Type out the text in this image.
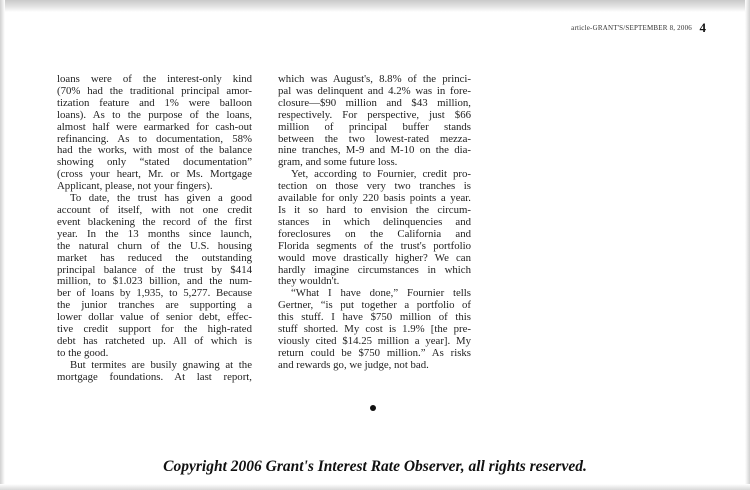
article-GRANT'S/SEPTEMBER 8, 2006 4

loans were of the interest-only kind
(70% had the traditional principal amor-
tization feature and 1% were balloon
loans). As to the purpose of the loans,
almost half were earmarked for cash-out
refinancing. As to documentation, 58%
had the works, with most of the balance
showing only “stated documentation”
(cross your heart, Mr. or Ms. Mortgage
Applicant, please, not your fingers).

To date, the trust has given a good
account of itself, with not one credit
event blackening the record of the first
year. In the 13 months since launch,
the natural churn of the U.S. housing
market has reduced the outstanding
principal balance of the trust by $414
million, to $1.023 billion, and the num-
ber of loans by 1,935, to 5,277. Because
the junior tranches are supporting a
lower dollar value of senior debt, effec-
tive credit support for the high-rated
debt has ratcheted up. All of which is
to the good.

But termites are busily gnawing at the
mortgage foundations. At last report,

which was August's, 8.8% of the princi-
pal was delinquent and 4.2% was in fore-
closure—$90 million and $43 million,
respectively. For perspective, just $66
million of principal buffer stands
between the two lowest-rated mezza-
nine tranches, M-9 and M-10 on the dia-
gram, and some future loss.

Yet, according to Fournier, credit pro-
tection on those very two tranches is
available for only 220 basis points a year.
Is it so hard to envision the circum-
stances in which delinquencies and
foreclosures on the California and
Florida segments of the trust's portfolio
would move drastically higher? We can
hardly imagine circumstances in which
they wouldn't.

“What I have done,” Fournier tells
Gertner, “is put together a portfolio of
this stuff. I have $750 million of this
stuff shorted. My cost is 1.9% [the pre-
viously cited $14.25 million a year]. My
return could be $750 million.” As risks
and rewards go, we judge, not bad.

Copyright 2006 Grant's Interest Rate Observer, all rights reserved.
